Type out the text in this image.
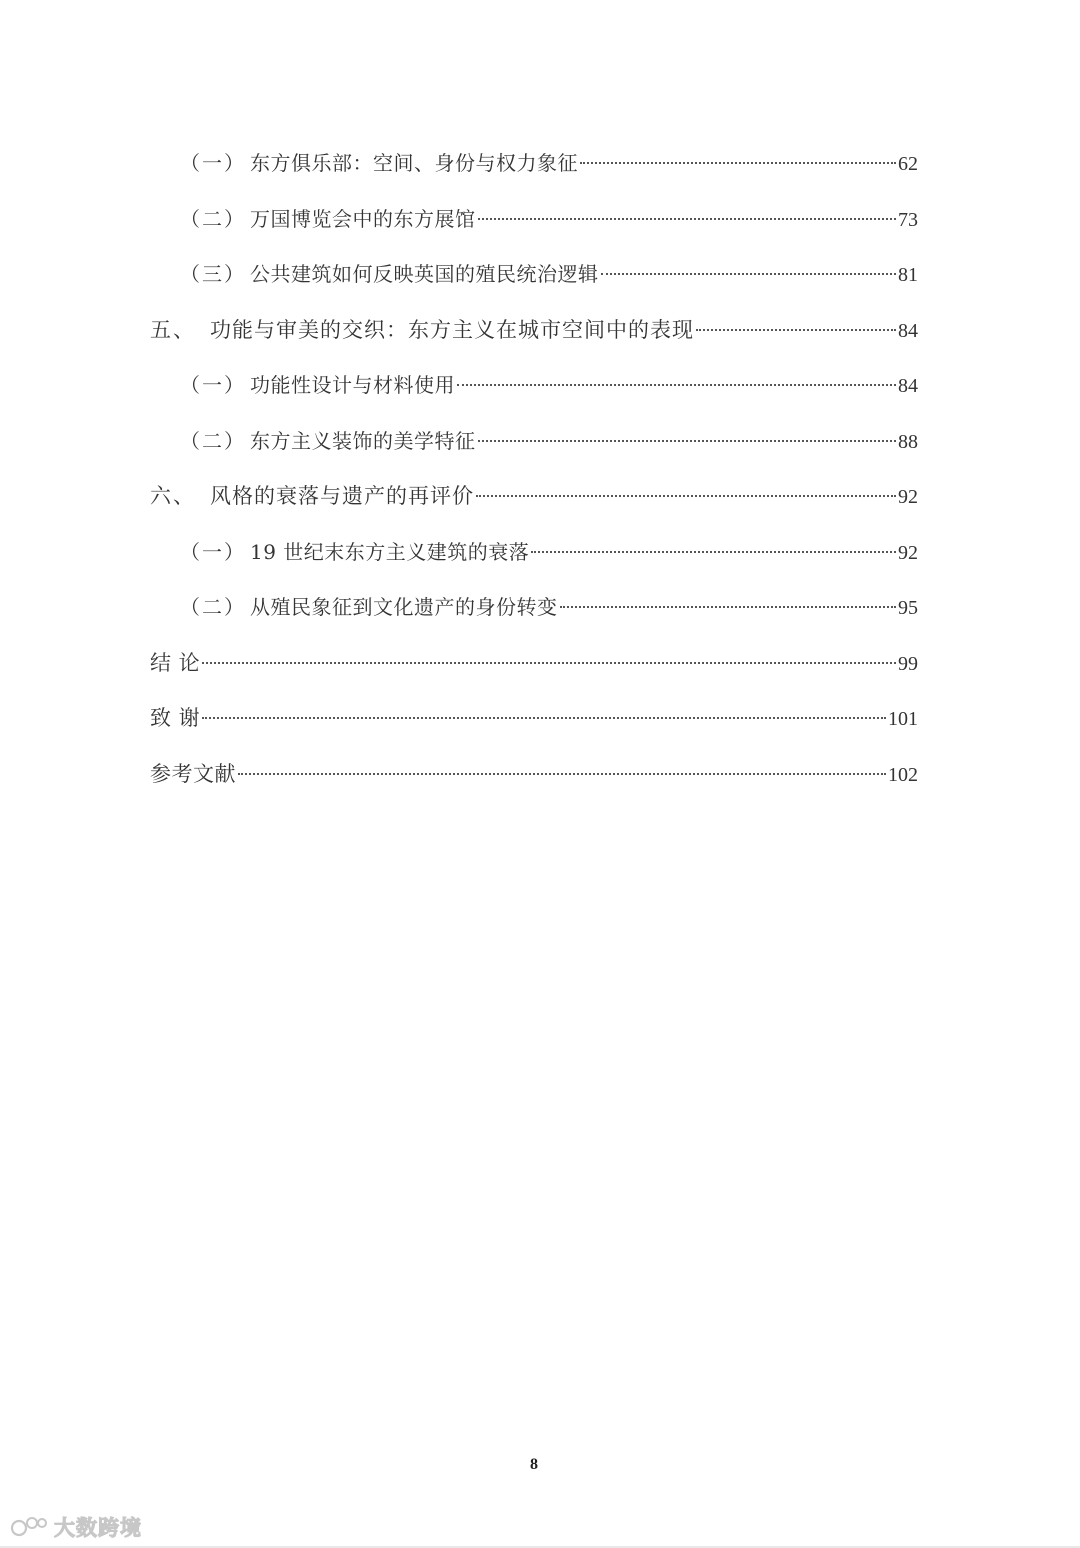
（一） 东方俱乐部：空间、身份与权力象征	62
（二） 万国博览会中的东方展馆	73
（三） 公共建筑如何反映英国的殖民统治逻辑	81
五、 功能与审美的交织：东方主义在城市空间中的表现	84
（一） 功能性设计与材料使用	84
（二） 东方主义装饰的美学特征	88
六、 风格的衰落与遗产的再评价	92
（一） 19 世纪末东方主义建筑的衰落	92
（二） 从殖民象征到文化遗产的身份转变	95
结 论	99
致 谢	101
参考文献	102
8
大数跨境
